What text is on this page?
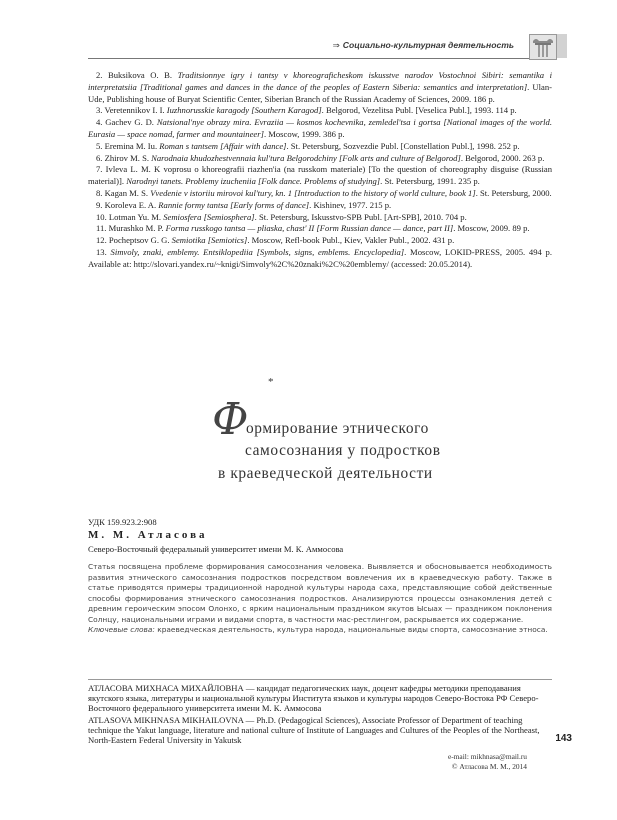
⇒ Социально-культурная деятельность

2. Buksikova O. B. Traditsionnye igry i tantsy v khoreograficheskom iskusstve narodov Vostochnoi Sibiri: semantika i interpretatsiia [Traditional games and dances in the dance of the peoples of Eastern Siberia: semantics and interpretation]. Ulan-Ude, Publishing house of Buryat Scientific Center, Siberian Branch of the Russian Academy of Sciences, 2009. 186 p.

3. Veretennikov I. I. Iuzhnorusskie karagody [Southern Karagod]. Belgorod, Vezelitsa Publ. [Veselica Publ.], 1993. 114 p.

4. Gachev G. D. Natsional'nye obrazy mira. Evraziia — kosmos kochevnika, zemledel'tsa i gortsa [National images of the world. Eurasia — space nomad, farmer and mountaineer]. Moscow, 1999. 386 p.

5. Eremina M. Iu. Roman s tantsem [Affair with dance]. St. Petersburg, Sozvezdie Publ. [Constellation Publ.], 1998. 252 p.

6. Zhirov M. S. Narodnaia khudozhestvennaia kul'tura Belgorodchiny [Folk arts and culture of Belgorod]. Belgorod, 2000. 263 p.

7. Ivleva L. M. K voprosu o khoreografii riazhen'ia (na russkom materiale) [To the question of choreography disguise (Russian material)]. Narodnyi tanets. Problemy izucheniia [Folk dance. Problems of studying]. St. Petersburg, 1991. 235 p.

8. Kagan M. S. Vvedenie v istoriiu mirovoi kul'tury, kn. 1 [Introduction to the history of world culture, book 1]. St. Petersburg, 2000.

9. Koroleva E. A. Rannie formy tantsa [Early forms of dance]. Kishinev, 1977. 215 p.

10. Lotman Yu. M. Semiosfera [Semiosphera]. St. Petersburg, Iskusstvo-SPB Publ. [Art-SPB], 2010. 704 p.

11. Murashko M. P. Forma russkogo tantsa — pliaska, chast' II [Form Russian dance — dance, part II]. Moscow, 2009. 89 p.

12. Pocheptsov G. G. Semiotika [Semiotics]. Moscow, Refl-book Publ., Kiev, Vakler Publ., 2002. 431 p.

13. Simvoly, znaki, emblemy. Entsiklopediia [Symbols, signs, emblems. Encyclopedia]. Moscow, LOKID-PRESS, 2005. 494 p. Available at: http://slovari.yandex.ru/~knigi/Simvoly%2C%20znaki%2C%20emblemy/ (accessed: 20.05.2014).

*
Ф
ормирование этнического
самосознания у подростков
в краеведческой деятельности
УДК 159.923.2:908
М. М. Атласова
Северо-Восточный федеральный университет имени М. К. Аммосова
Статья посвящена проблеме формирования самосознания человека. Выявляется и обосновывается необходимость развития этнического самосознания подростков посредством вовлечения их в краеведческую работу. Также в статье приводятся примеры традиционной народной культуры народа саха, представляющие собой действенные способы формирования этнического самосознания подростков. Анализируются процессы ознакомления детей с древним героическим эпосом Олонхо, с ярким национальным праздником якутов Ысыах — праздником поклонения Солнцу, национальными играми и видами спорта, в частности мас-рестлингом, раскрывается их содержание.
Ключевые слова: краеведческая деятельность, культура народа, национальные виды спорта, самосознание этноса.

АТЛАСОВА МИХНАСА МИХАЙЛОВНА — кандидат педагогических наук, доцент кафедры методики преподавания якутского языка, литературы и национальной культуры Института языков и культуры народов Северо-Востока РФ Северо-Восточного федерального университета имени М. К. Аммосова

ATLASOVA MIKHNASA MIKHAILOVNA — Ph.D. (Pedagogical Sciences), Associate Professor of Department of teaching technique the Yakut language, literature and national culture of Institute of Languages and Cultures of the Peoples of the Northeast, North-Eastern Federal University in Yakutsk

e-mail: mikhnasa@mail.ru
© Атласова М. М., 2014
143
